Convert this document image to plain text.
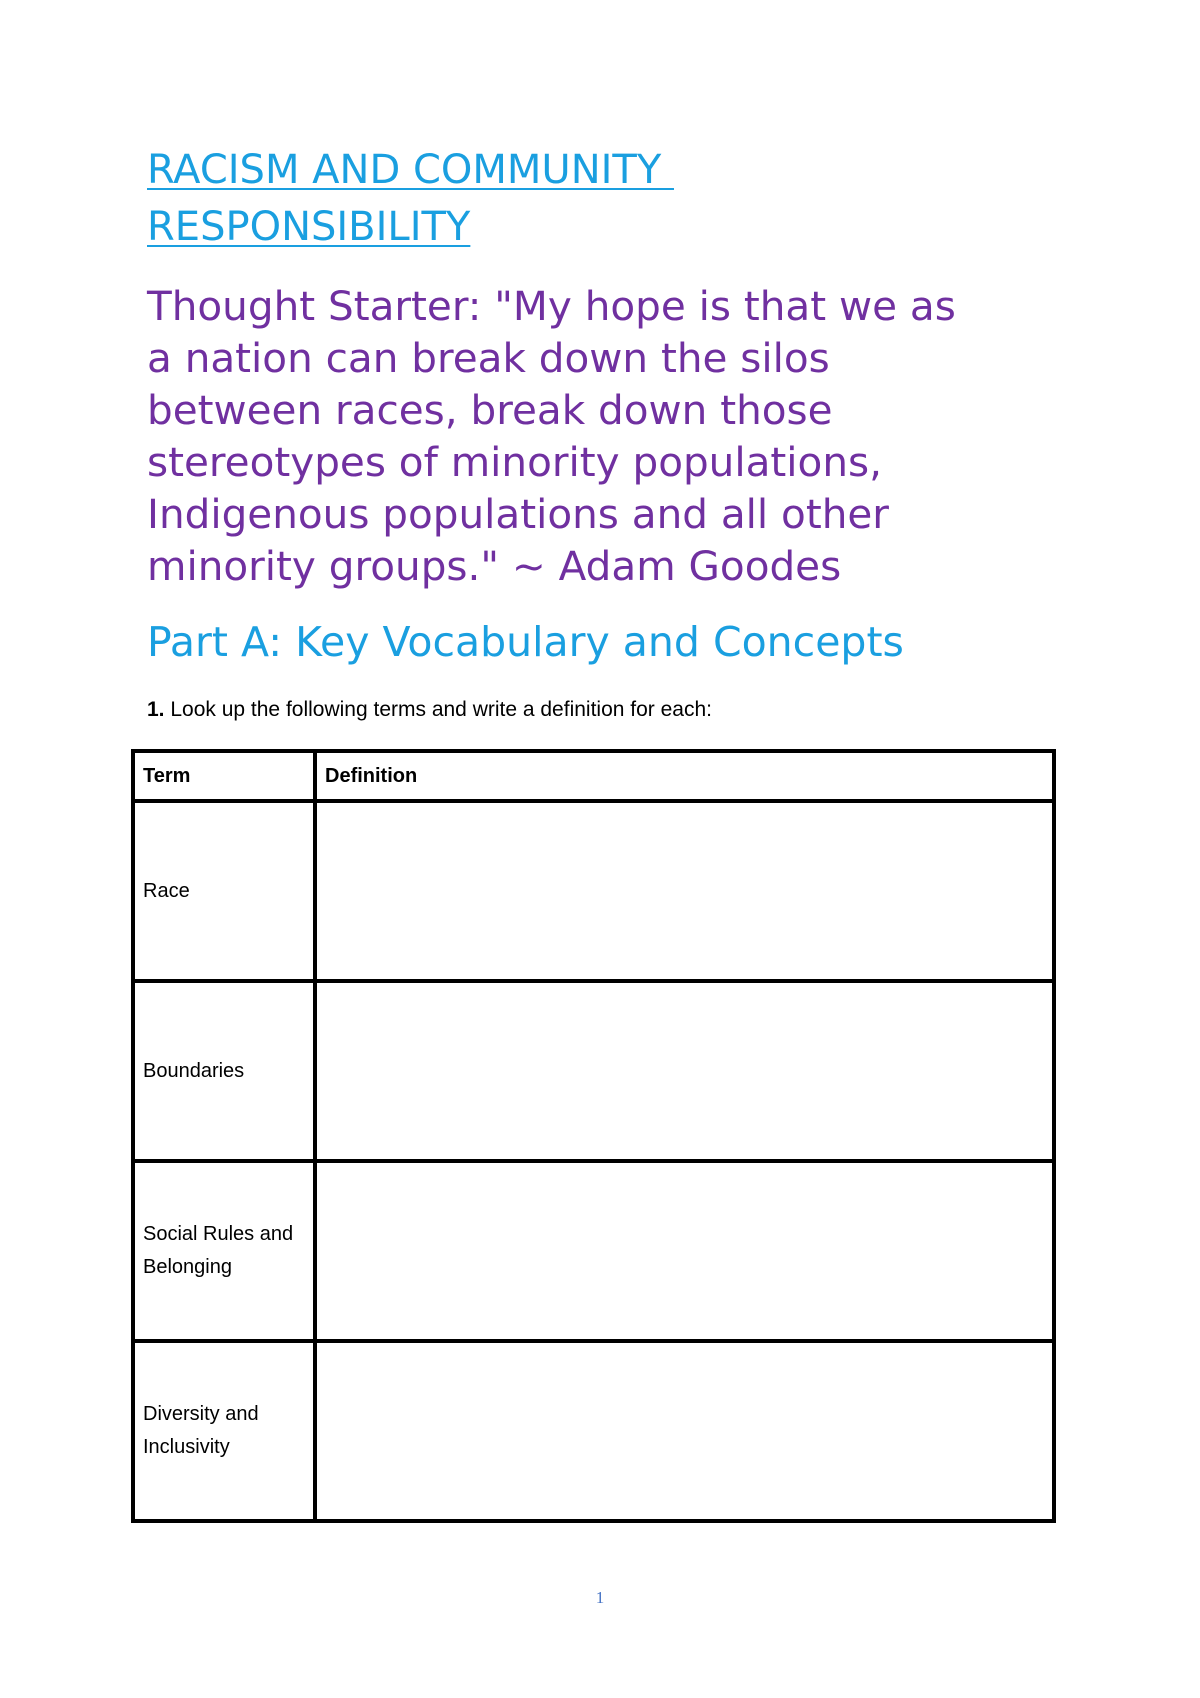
RACISM AND COMMUNITY
RESPONSIBILITY

Thought Starter: "My hope is that we as
a nation can break down the silos
between races, break down those
stereotypes of minority populations,
Indigenous populations and all other
minority groups." ~ Adam Goodes

Part A: Key Vocabulary and Concepts

1. Look up the following terms and write a definition for each:

Term	Definition
Race	
Boundaries	
Social Rules and Belonging	
Diversity and Inclusivity	
1
